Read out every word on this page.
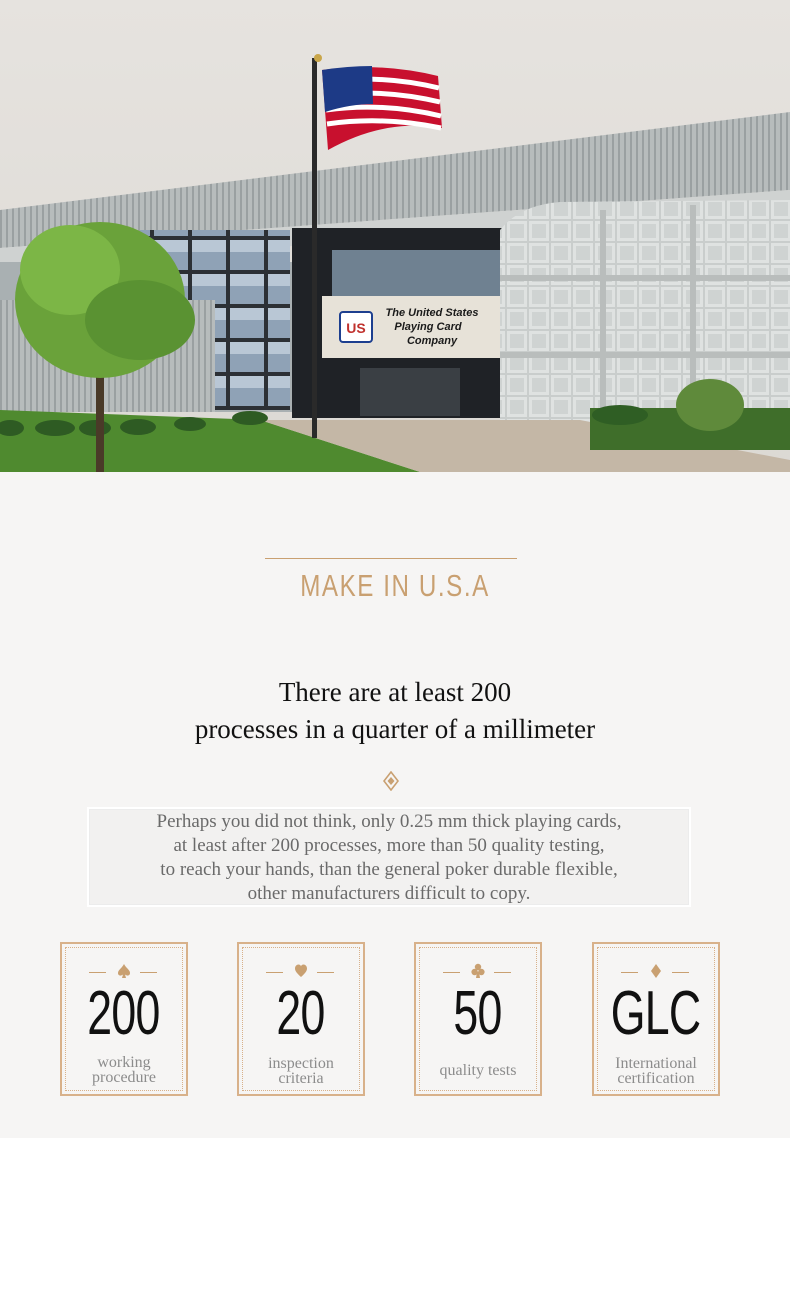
US
The United States
Playing Card
Company
MAKE IN U.S.A
There are at least 200
processes in a quarter of a millimeter
Perhaps you did not think, only 0.25 mm thick playing cards,
at least after 200 processes, more than 50 quality testing,
to reach your hands, than the general poker durable flexible,
other manufacturers difficult to copy.
200
working
procedure
20
inspection
criteria
50
quality tests
GLC
International
certification
